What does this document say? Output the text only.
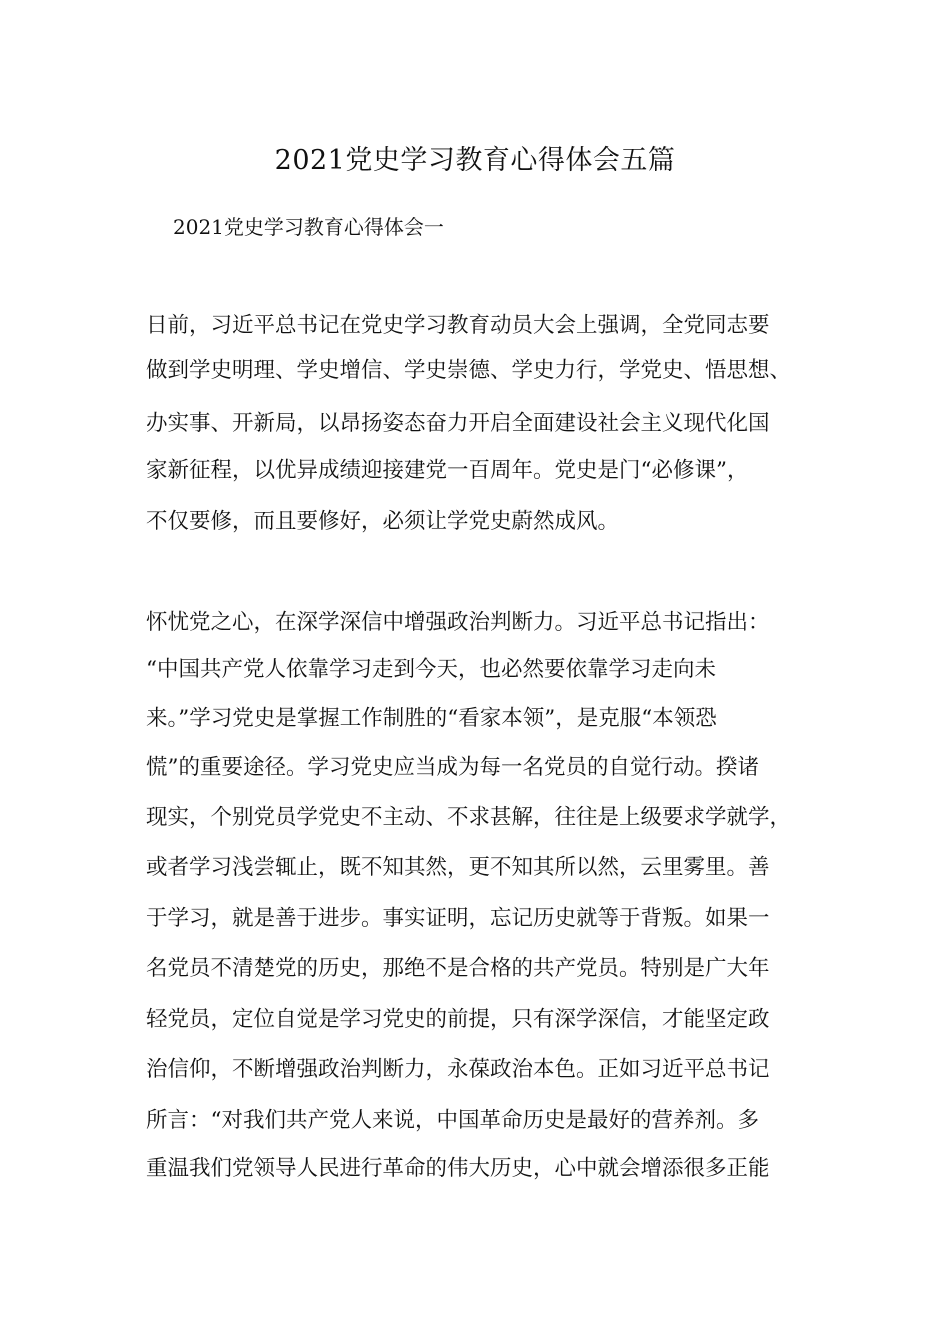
2021党史学习教育心得体会五篇
2021党史学习教育心得体会一

日前，习近平总书记在党史学习教育动员大会上强调，全党同志要

做到学史明理、学史增信、学史崇德、学史力行，学党史、悟思想、

办实事、开新局，以昂扬姿态奋力开启全面建设社会主义现代化国

家新征程，以优异成绩迎接建党一百周年。党史是门“必修课”，

不仅要修，而且要修好，必须让学党史蔚然成风。

怀忧党之心，在深学深信中增强政治判断力。习近平总书记指出：

“中国共产党人依靠学习走到今天，也必然要依靠学习走向未

来。”学习党史是掌握工作制胜的“看家本领”，是克服“本领恐

慌”的重要途径。学习党史应当成为每一名党员的自觉行动。揆诸

现实，个别党员学党史不主动、不求甚解，往往是上级要求学就学，

或者学习浅尝辄止，既不知其然，更不知其所以然，云里雾里。善

于学习，就是善于进步。事实证明，忘记历史就等于背叛。如果一

名党员不清楚党的历史，那绝不是合格的共产党员。特别是广大年

轻党员，定位自觉是学习党史的前提，只有深学深信，才能坚定政

治信仰，不断增强政治判断力，永葆政治本色。正如习近平总书记

所言：“对我们共产党人来说，中国革命历史是最好的营养剂。多

重温我们党领导人民进行革命的伟大历史，心中就会增添很多正能
